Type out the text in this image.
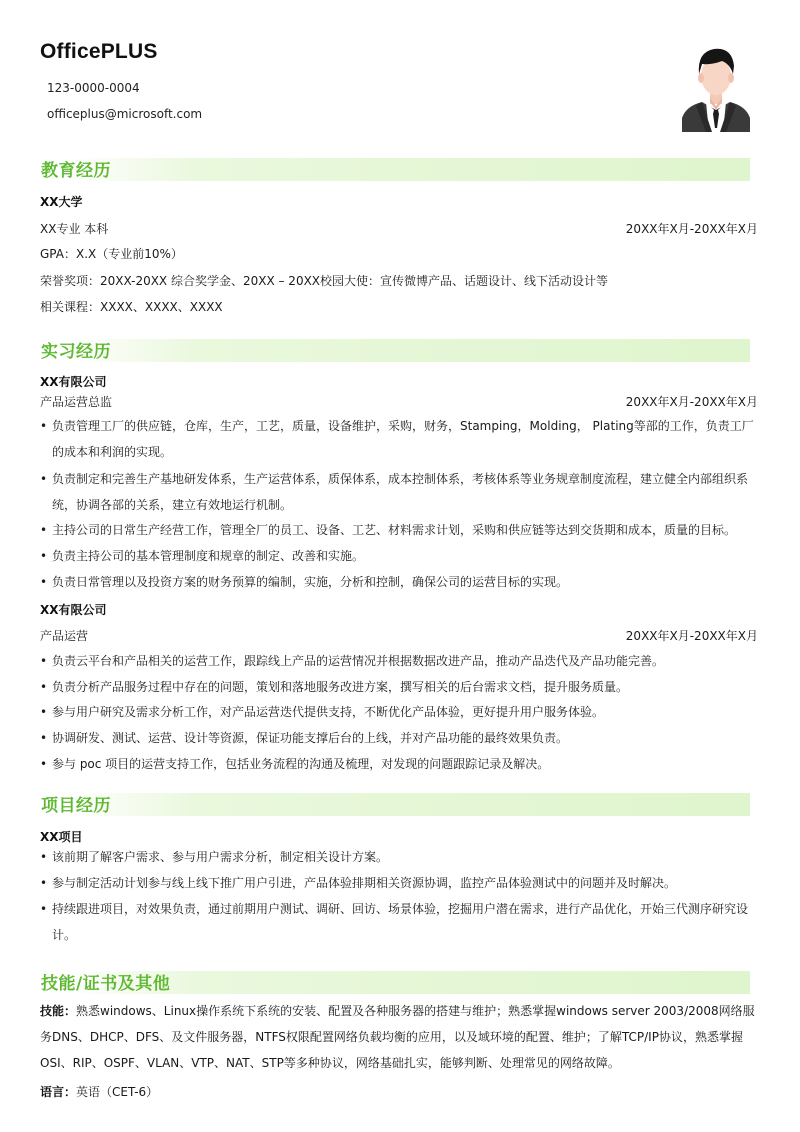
OfficePLUS
123-0000-0004
officeplus@microsoft.com
教育经历
XX大学
XX专业 本科	20XX年X月-20XX年X月
GPA：X.X（专业前10%）
荣誉奖项：20XX-20XX 综合奖学金、20XX – 20XX校园大使：宣传微博产品、话题设计、线下活动设计等
相关课程：XXXX、XXXX、XXXX
实习经历
XX有限公司
产品运营总监	20XX年X月-20XX年X月
• 负责管理工厂的供应链，仓库，生产，工艺，质量，设备维护，采购，财务，Stamping，Molding， Plating等部的工作，负责工厂的成本和利润的实现。
• 负责制定和完善生产基地研发体系，生产运营体系，质保体系，成本控制体系，考核体系等业务规章制度流程，建立健全内部组织系统，协调各部的关系，建立有效地运行机制。
• 主持公司的日常生产经营工作，管理全厂的员工、设备、工艺、材料需求计划，采购和供应链等达到交货期和成本，质量的目标。
• 负责主持公司的基本管理制度和规章的制定、改善和实施。
• 负责日常管理以及投资方案的财务预算的编制，实施，分析和控制，确保公司的运营目标的实现。
XX有限公司
产品运营	20XX年X月-20XX年X月
• 负责云平台和产品相关的运营工作，跟踪线上产品的运营情况并根据数据改进产品，推动产品迭代及产品功能完善。
• 负责分析产品服务过程中存在的问题，策划和落地服务改进方案，撰写相关的后台需求文档，提升服务质量。
• 参与用户研究及需求分析工作，对产品运营迭代提供支持，不断优化产品体验，更好提升用户服务体验。
• 协调研发、测试、运营、设计等资源，保证功能支撑后台的上线，并对产品功能的最终效果负责。
• 参与 poc 项目的运营支持工作，包括业务流程的沟通及梳理，对发现的问题跟踪记录及解决。
项目经历
XX项目
• 该前期了解客户需求、参与用户需求分析，制定相关设计方案。
• 参与制定活动计划参与线上线下推广用户引进，产品体验排期相关资源协调，监控产品体验测试中的问题并及时解决。
• 持续跟进项目，对效果负责，通过前期用户测试、调研、回访、场景体验，挖掘用户潜在需求，进行产品优化，开始三代测序研究设计。
技能/证书及其他
技能：熟悉windows、Linux操作系统下系统的安装、配置及各种服务器的搭建与维护；熟悉掌握windows server 2003/2008网络服务DNS、DHCP、DFS、及文件服务器，NTFS权限配置网络负载均衡的应用，以及域环境的配置、维护；了解TCP/IP协议，熟悉掌握OSI、RIP、OSPF、VLAN、VTP、NAT、STP等多种协议，网络基础扎实，能够判断、处理常见的网络故障。
语言：英语（CET-6）
